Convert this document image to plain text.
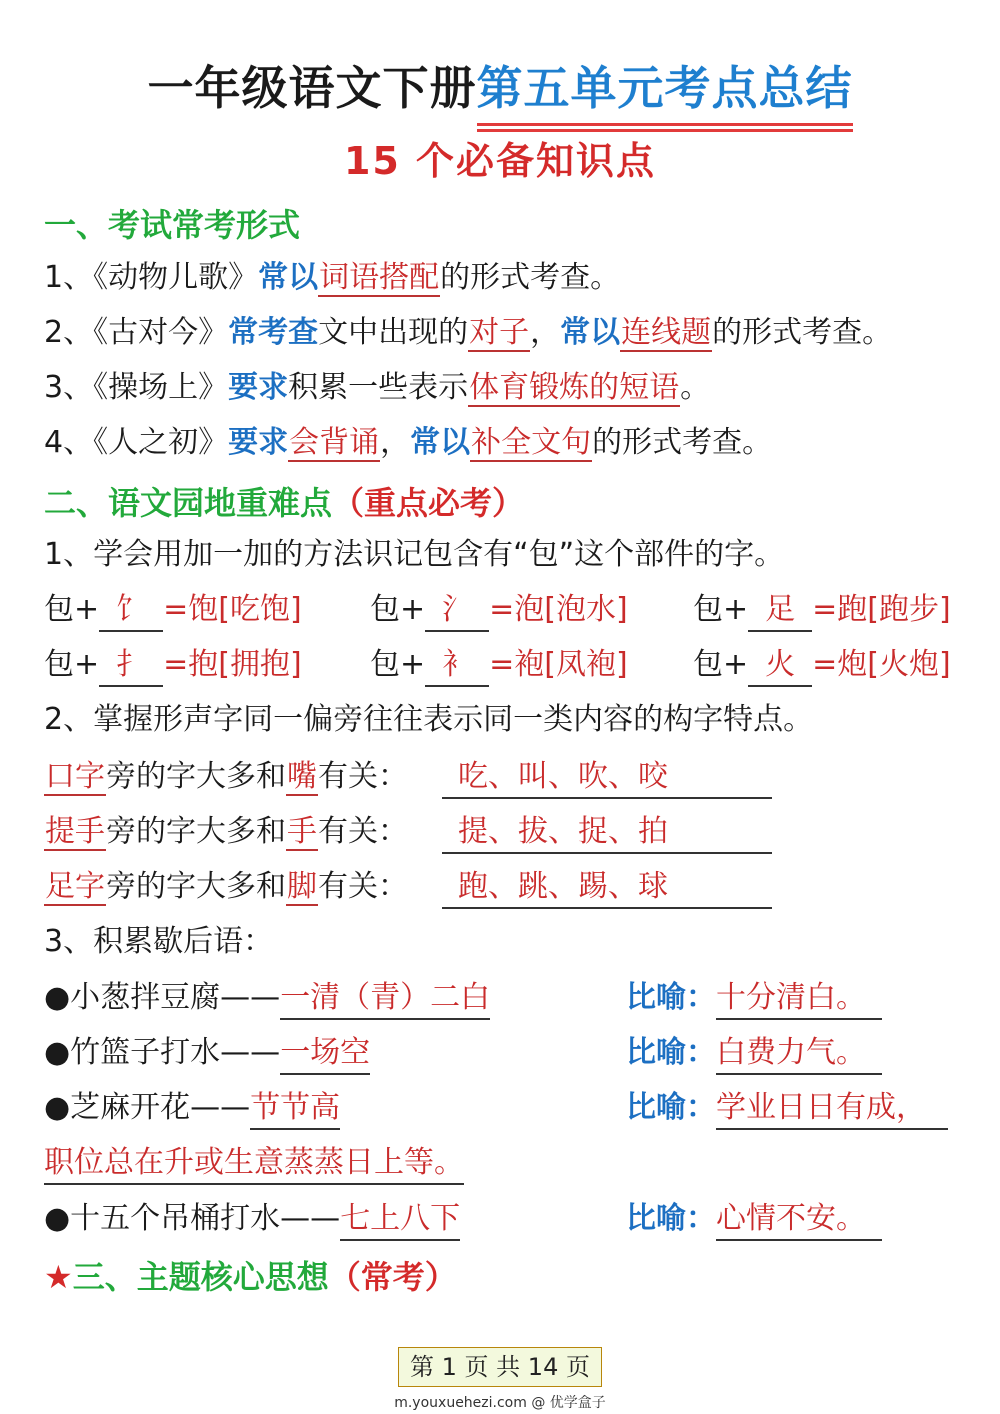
一年级语文下册第五单元考点总结
15 个必备知识点
一、考试常考形式
1、《动物儿歌》常以词语搭配的形式考查。
2、《古对今》常考查文中出现的对子，常以连线题的形式考查。
3、《操场上》要求积累一些表示体育锻炼的短语。
4、《人之初》要求会背诵，常以补全文句的形式考查。
二、语文园地重难点（重点必考）
1、学会用加一加的方法识记包含有“包”这个部件的字。
包+ 饣 =饱[吃饱] 包+ 氵 =泡[泡水] 包+ 足 =跑[跑步]
包+ 扌 =抱[拥抱] 包+ 衤 =袍[凤袍] 包+ 火 =炮[火炮]
2、掌握形声字同一偏旁往往表示同一类内容的构字特点。
口字旁的字大多和嘴有关：	吃、叫、吹、咬
提手旁的字大多和手有关：	提、拔、捉、拍
足字旁的字大多和脚有关：	跑、跳、踢、球
3、积累歇后语：
●小葱拌豆腐——一清（青）二白	比喻：十分清白。
●竹篮子打水——一场空	比喻：白费力气。
●芝麻开花——节节高	比喻：学业日日有成，
职位总在升或生意蒸蒸日上等。
●十五个吊桶打水——七上八下	比喻：心情不安。
★三、主题核心思想（常考）
第 1 页 共 14 页
m.youxuehezi.com @ 优学盒子
